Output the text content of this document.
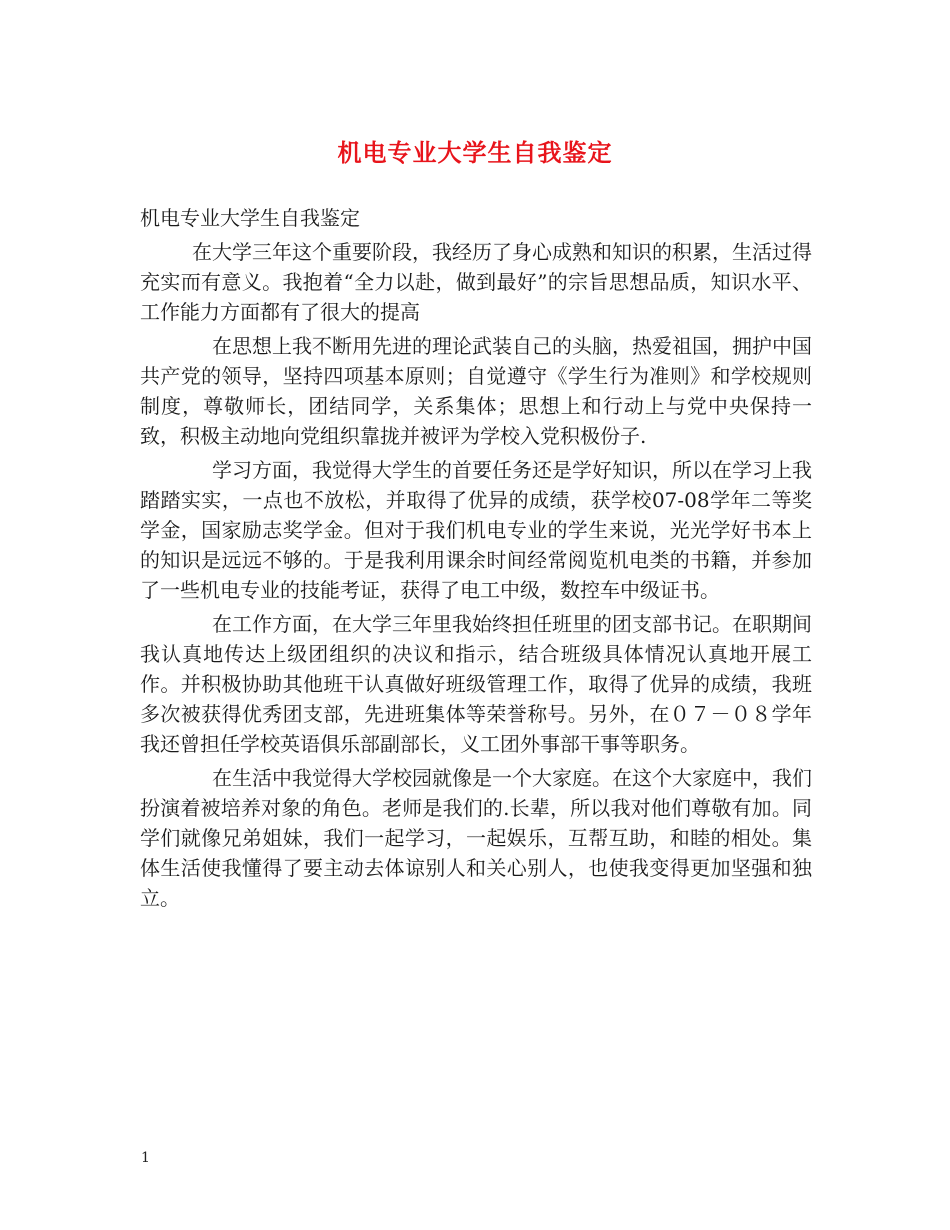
机电专业大学生自我鉴定
机电专业大学生自我鉴定

在大学三年这个重要阶段，我经历了身心成熟和知识的积累，生活过得充实而有意义。我抱着“全力以赴，做到最好”的宗旨思想品质，知识水平、工作能力方面都有了很大的提高

在思想上我不断用先进的理论武装自己的头脑，热爱祖国，拥护中国共产党的领导，坚持四项基本原则；自觉遵守《学生行为准则》和学校规则制度，尊敬师长，团结同学，关系集体；思想上和行动上与党中央保持一致，积极主动地向党组织靠拢并被评为学校入党积极份子.

学习方面，我觉得大学生的首要任务还是学好知识，所以在学习上我踏踏实实，一点也不放松，并取得了优异的成绩，获学校07-08学年二等奖学金，国家励志奖学金。但对于我们机电专业的学生来说，光光学好书本上的知识是远远不够的。于是我利用课余时间经常阅览机电类的书籍，并参加了一些机电专业的技能考证，获得了电工中级，数控车中级证书。

在工作方面，在大学三年里我始终担任班里的团支部书记。在职期间我认真地传达上级团组织的决议和指示，结合班级具体情况认真地开展工作。并积极协助其他班干认真做好班级管理工作，取得了优异的成绩，我班多次被获得优秀团支部，先进班集体等荣誉称号。另外，在０７－０８学年我还曾担任学校英语俱乐部副部长，义工团外事部干事等职务。

在生活中我觉得大学校园就像是一个大家庭。在这个大家庭中，我们扮演着被培养对象的角色。老师是我们的.长辈，所以我对他们尊敬有加。同学们就像兄弟姐妹，我们一起学习，一起娱乐，互帮互助，和睦的相处。集体生活使我懂得了要主动去体谅别人和关心别人，也使我变得更加坚强和独立。

1
